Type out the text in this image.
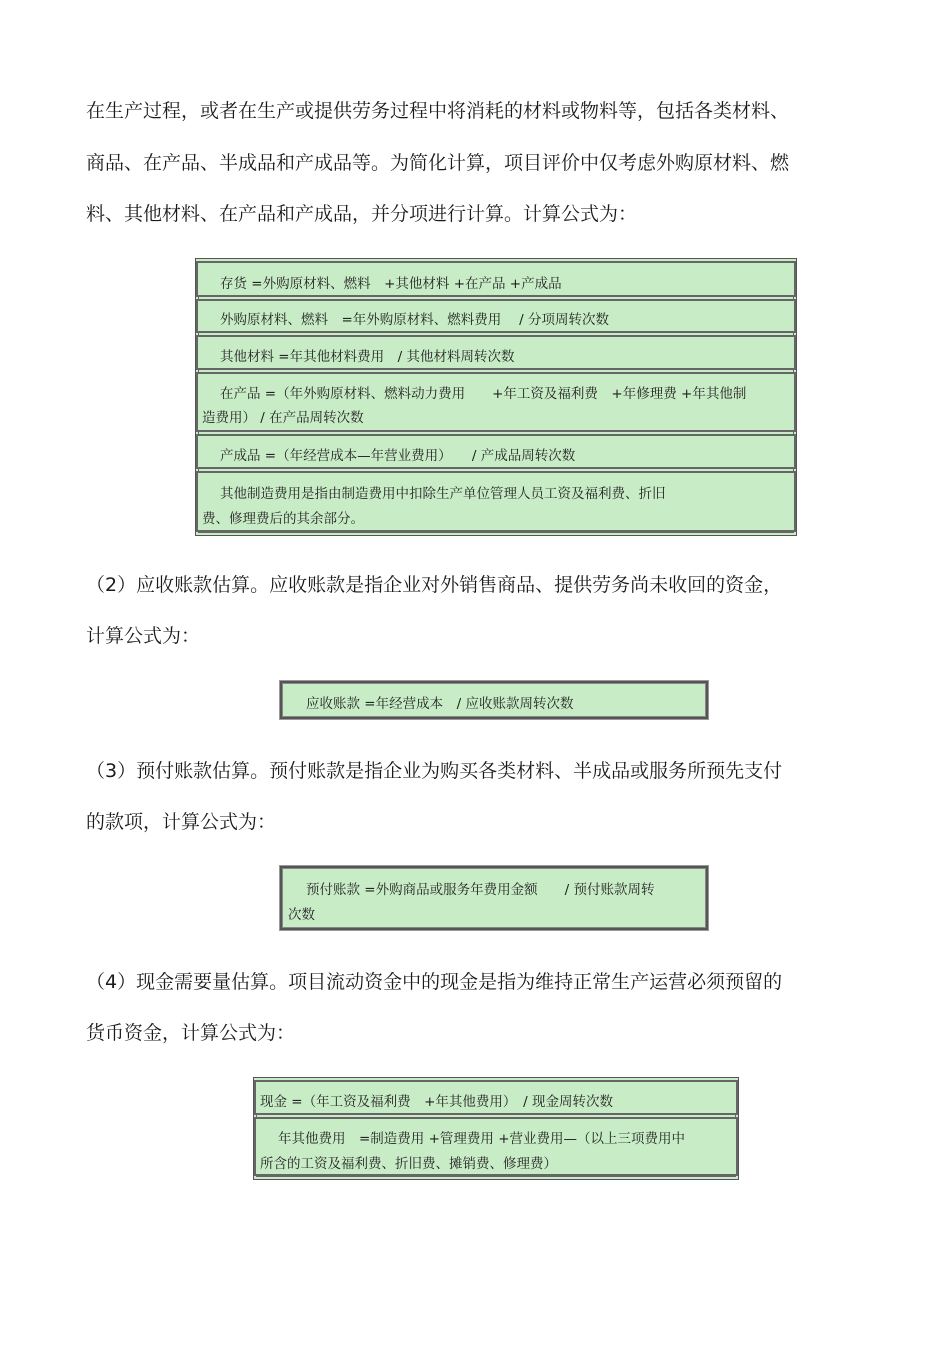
在生产过程，或者在生产或提供劳务过程中将消耗的材料或物料等，包括各类材料、
商品、在产品、半成品和产成品等。为简化计算，项目评价中仅考虑外购原材料、燃
料、其他材料、在产品和产成品，并分项进行计算。计算公式为：
存货 =外购原材料、燃料　+其他材料 +在产品 +产成品
外购原材料、燃料　=年外购原材料、燃料费用　 / 分项周转次数
其他材料 =年其他材料费用　/ 其他材料周转次数
在产品 =（年外购原材料、燃料动力费用　　+年工资及福利费　+年修理费 +年其他制
造费用） / 在产品周转次数
产成品 =（年经营成本—年营业费用）　　/ 产成品周转次数
其他制造费用是指由制造费用中扣除生产单位管理人员工资及福利费、折旧
费、修理费后的其余部分。
（2）应收账款估算。应收账款是指企业对外销售商品、提供劳务尚未收回的资金，
计算公式为：
应收账款 =年经营成本　/ 应收账款周转次数
（3）预付账款估算。预付账款是指企业为购买各类材料、半成品或服务所预先支付
的款项，计算公式为：
预付账款 =外购商品或服务年费用金额　　/ 预付账款周转
次数
（4）现金需要量估算。项目流动资金中的现金是指为维持正常生产运营必须预留的
货币资金，计算公式为：
现金 =（年工资及福利费　+年其他费用）　/ 现金周转次数
年其他费用　=制造费用 +管理费用 +营业费用—（以上三项费用中
所含的工资及福利费、折旧费、摊销费、修理费）
